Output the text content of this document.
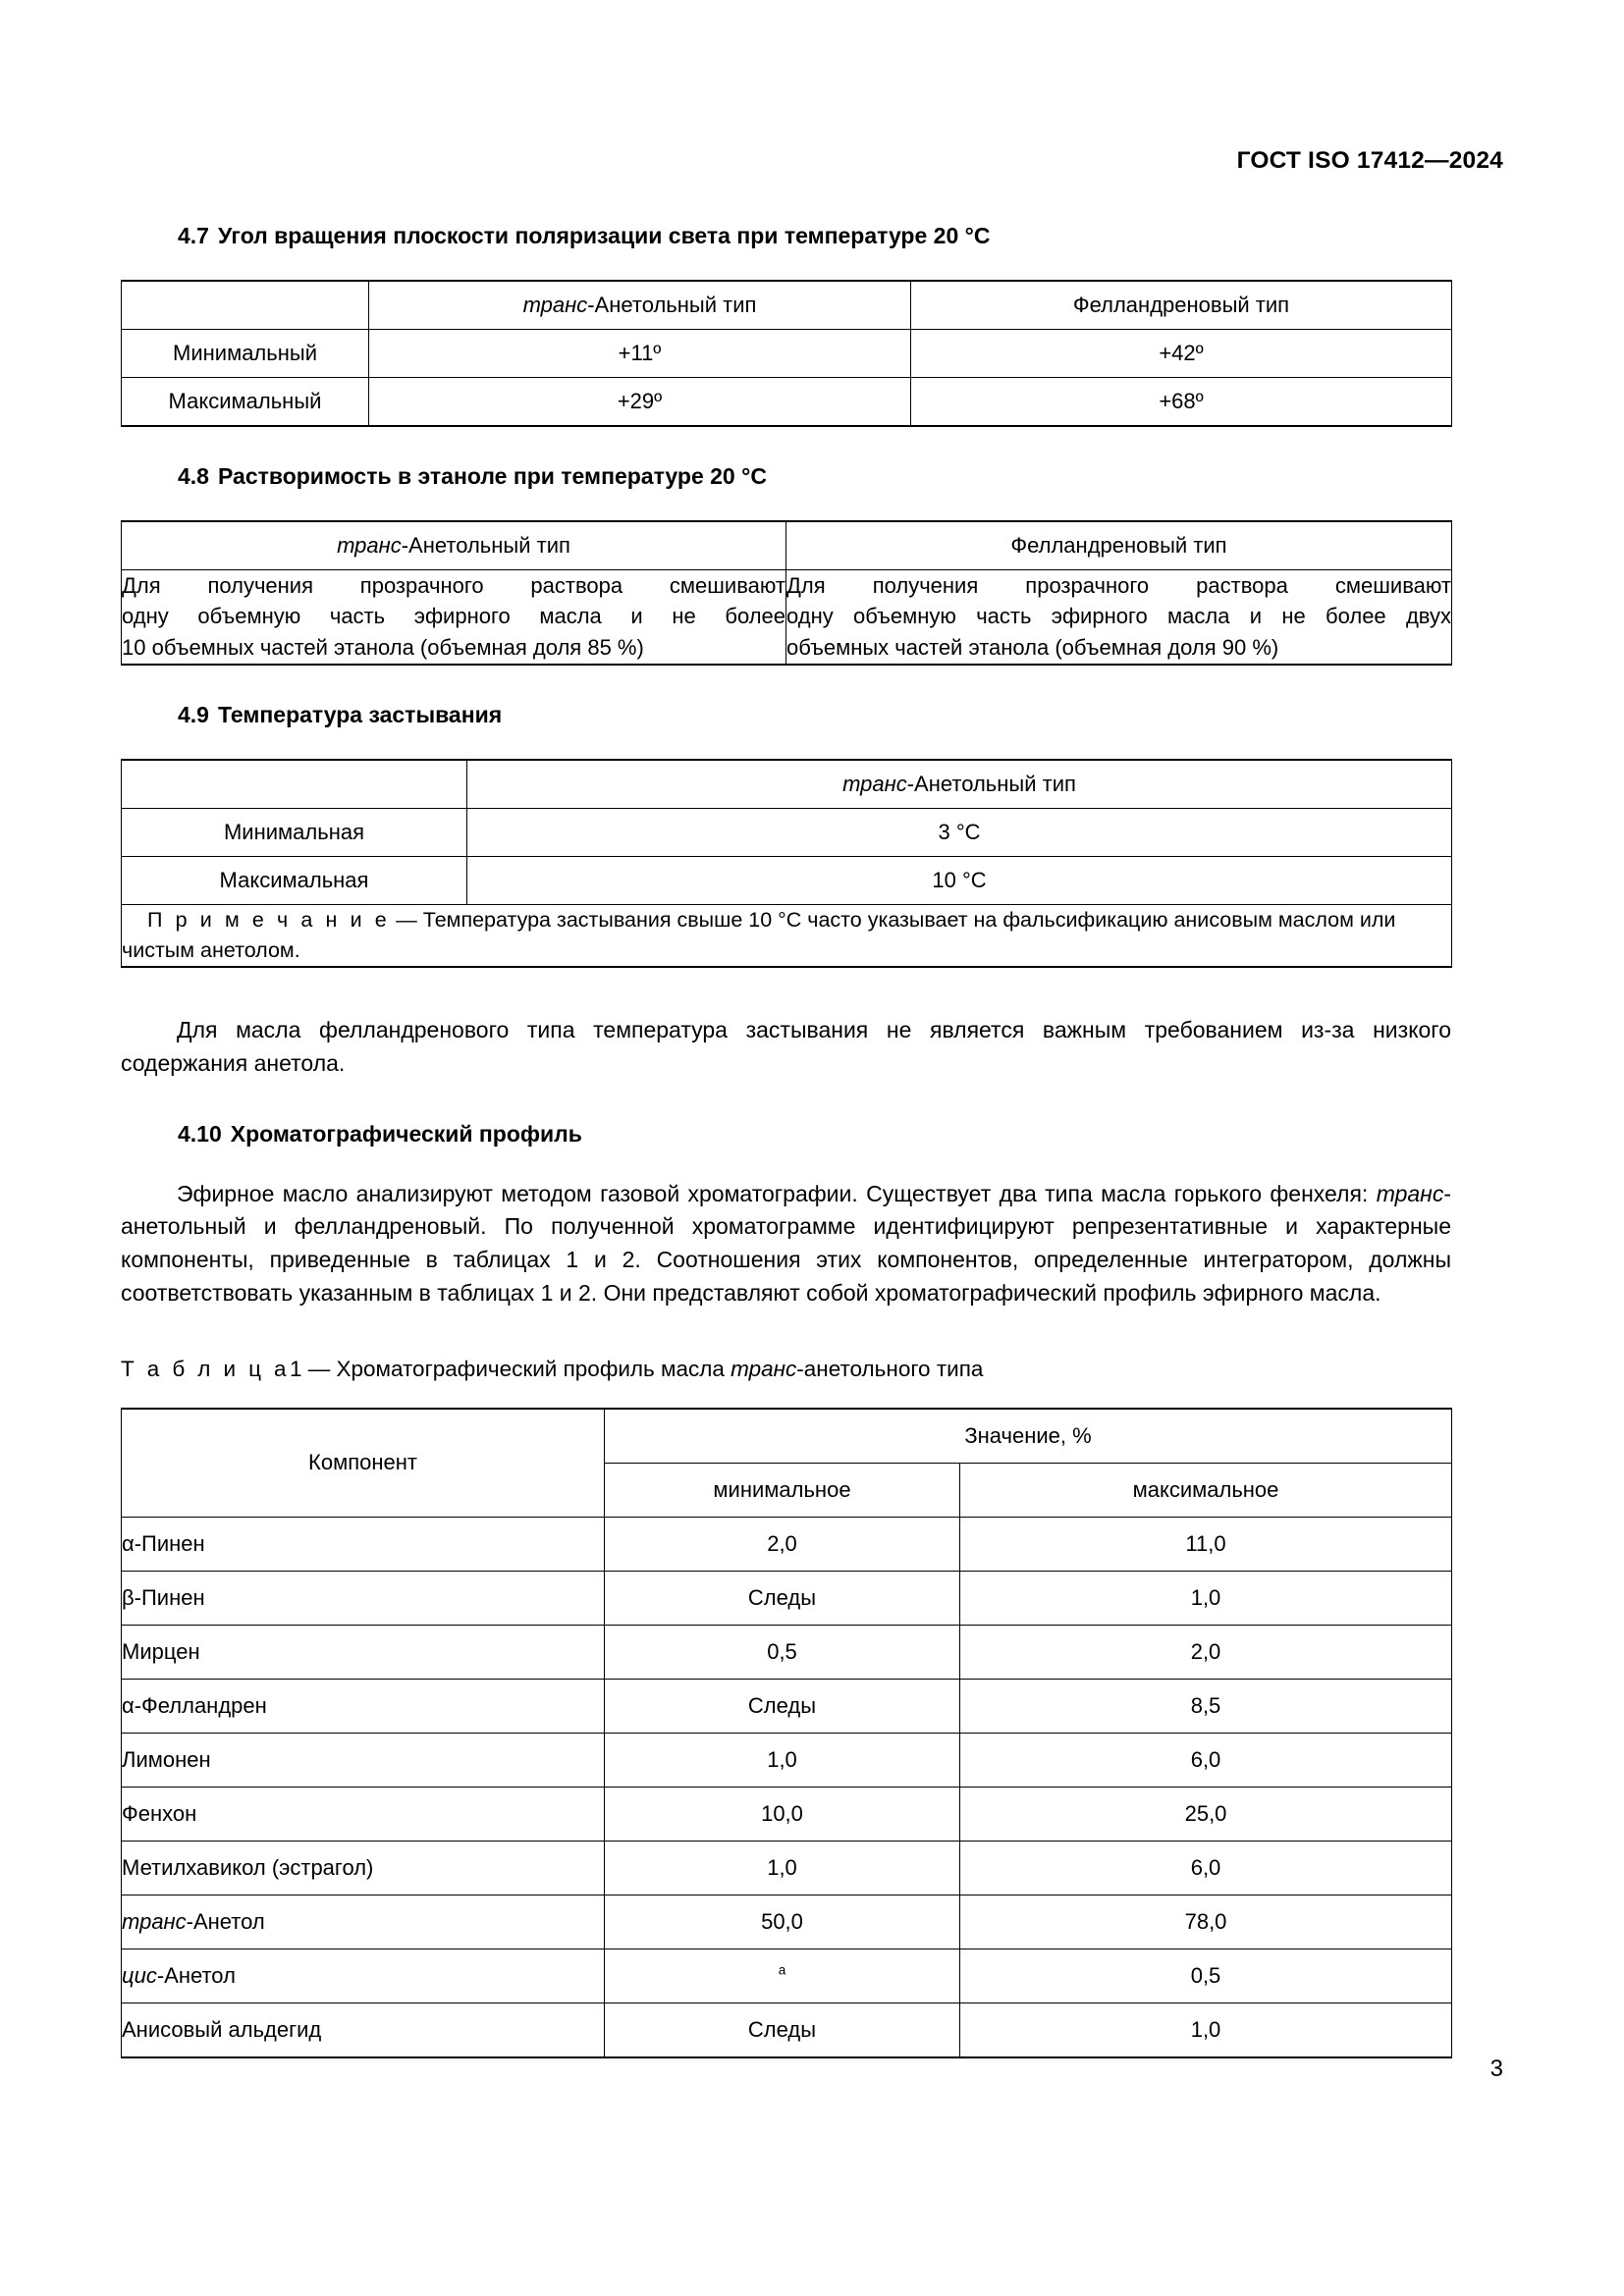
ГОСТ ISO 17412—2024
4.7 Угол вращения плоскости поляризации света при температуре 20 °C
	транс-Анетольный тип	Фелландреновый тип
Минимальный	+11º	+42º
Максимальный	+29º	+68º
4.8 Растворимость в этаноле при температуре 20 °C
транс-Анетольный тип	Фелландреновый тип

Для получения прозрачного раствора смешивают
одну объемную часть эфирного масла и не более
10 объемных частей этанола (объемная доля 85 %)

Для получения прозрачного раствора смешивают
одну объемную часть эфирного масла и не более двух
объемных частей этанола (объемная доля 90 %)
4.9 Температура застывания
	транс-Анетольный тип
Минимальная	3 °C
Максимальная	10 °C
П р и м е ч а н и е — Температура застывания свыше 10 °C часто указывает на фальсификацию анисовым маслом или чистым анетолом.	

Для масла фелландренового типа температура застывания не является важным требованием из-за низкого содержания анетола.

4.10 Хроматографический профиль

Эфирное масло анализируют методом газовой хроматографии. Существует два типа масла горького фенхеля: транс-анетольный и фелландреновый. По полученной хроматограмме идентифицируют репрезентативные и характерные компоненты, приведенные в таблицах 1 и 2. Соотношения этих компонентов, определенные интегратором, должны соответствовать указанным в таблицах 1 и 2. Они представляют собой хроматографический профиль эфирного масла.

Т а б л и ц а1 — Хроматографический профиль масла транс-анетольного типа

Компонент	Значение, %	
	минимальное	максимальное
α-Пинен	2,0	11,0
β-Пинен	Следы	1,0
Мирцен	0,5	2,0
α-Фелландрен	Следы	8,5
Лимонен	1,0	6,0
Фенхон	10,0	25,0
Метилхавикол (эстрагол)	1,0	6,0
транс-Анетол	50,0	78,0
цис-Анетол	$^а$	0,5
Анисовый альдегид	Следы	1,0
3
